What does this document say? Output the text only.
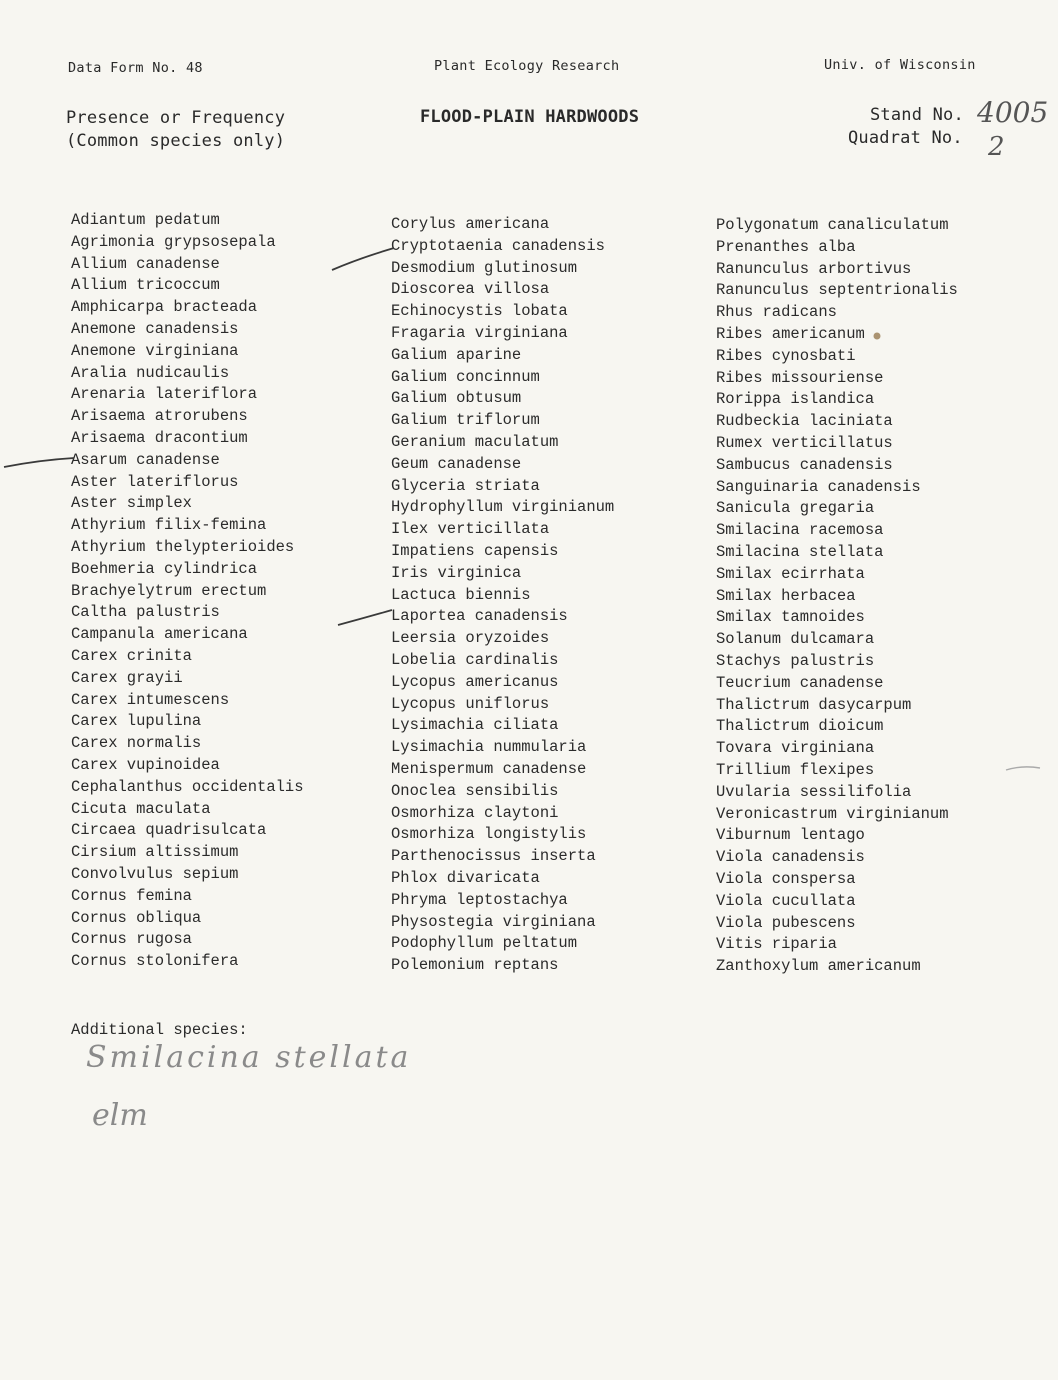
Data Form No. 48	Plant Ecology Research	Univ. of Wisconsin
Presence or Frequency
(Common species only)
FLOOD-PLAIN HARDWOODS	Stand No.
Quadrat No.
4005
2
Adiantum pedatum
Agrimonia grypsosepala
Allium canadense
Allium tricoccum
Amphicarpa bracteada
Anemone canadensis
Anemone virginiana
Aralia nudicaulis
Arenaria lateriflora
Arisaema atrorubens
Arisaema dracontium
Asarum canadense
Aster lateriflorus
Aster simplex
Athyrium filix-femina
Athyrium thelypterioides
Boehmeria cylindrica
Brachyelytrum erectum
Caltha palustris
Campanula americana
Carex crinita
Carex grayii
Carex intumescens
Carex lupulina
Carex normalis
Carex vupinoidea
Cephalanthus occidentalis
Cicuta maculata
Circaea quadrisulcata
Cirsium altissimum
Convolvulus sepium
Cornus femina
Cornus obliqua
Cornus rugosa
Cornus stolonifera
Corylus americana
Cryptotaenia canadensis
Desmodium glutinosum
Dioscorea villosa
Echinocystis lobata
Fragaria virginiana
Galium aparine
Galium concinnum
Galium obtusum
Galium triflorum
Geranium maculatum
Geum canadense
Glyceria striata
Hydrophyllum virginianum
Ilex verticillata
Impatiens capensis
Iris virginica
Lactuca biennis
Laportea canadensis
Leersia oryzoides
Lobelia cardinalis
Lycopus americanus
Lycopus uniflorus
Lysimachia ciliata
Lysimachia nummularia
Menispermum canadense
Onoclea sensibilis
Osmorhiza claytoni
Osmorhiza longistylis
Parthenocissus inserta
Phlox divaricata
Phryma leptostachya
Physostegia virginiana
Podophyllum peltatum
Polemonium reptans
Polygonatum canaliculatum
Prenanthes alba
Ranunculus arbortivus
Ranunculus septentrionalis
Rhus radicans
Ribes americanum
Ribes cynosbati
Ribes missouriense
Rorippa islandica
Rudbeckia laciniata
Rumex verticillatus
Sambucus canadensis
Sanguinaria canadensis
Sanicula gregaria
Smilacina racemosa
Smilacina stellata
Smilax ecirrhata
Smilax herbacea
Smilax tamnoides
Solanum dulcamara
Stachys palustris
Teucrium canadense
Thalictrum dasycarpum
Thalictrum dioicum
Tovara virginiana
Trillium flexipes
Uvularia sessilifolia
Veronicastrum virginianum
Viburnum lentago
Viola canadensis
Viola conspersa
Viola cucullata
Viola pubescens
Vitis riparia
Zanthoxylum americanum
Additional species:
Smilacina stellata
elm
